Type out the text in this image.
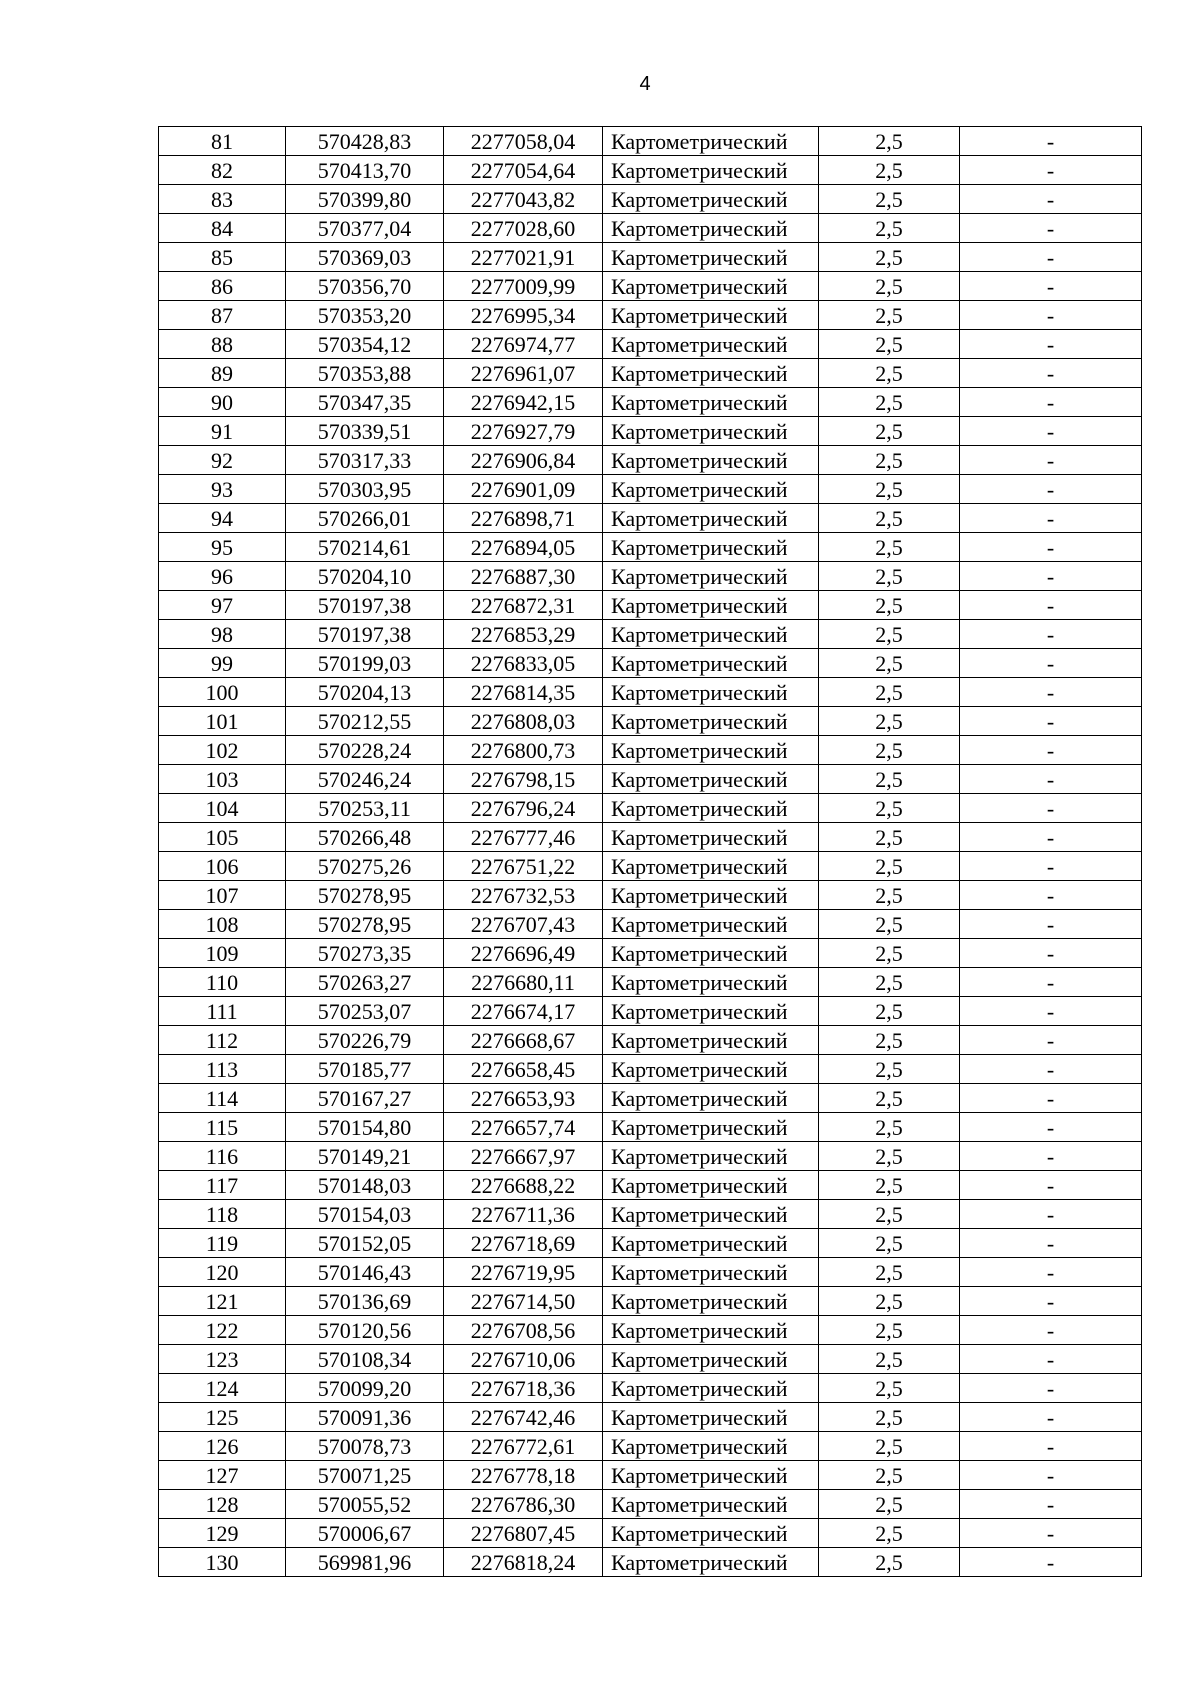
4
81	570428,83	2277058,04	Картометрический	2,5	-
82	570413,70	2277054,64	Картометрический	2,5	-
83	570399,80	2277043,82	Картометрический	2,5	-
84	570377,04	2277028,60	Картометрический	2,5	-
85	570369,03	2277021,91	Картометрический	2,5	-
86	570356,70	2277009,99	Картометрический	2,5	-
87	570353,20	2276995,34	Картометрический	2,5	-
88	570354,12	2276974,77	Картометрический	2,5	-
89	570353,88	2276961,07	Картометрический	2,5	-
90	570347,35	2276942,15	Картометрический	2,5	-
91	570339,51	2276927,79	Картометрический	2,5	-
92	570317,33	2276906,84	Картометрический	2,5	-
93	570303,95	2276901,09	Картометрический	2,5	-
94	570266,01	2276898,71	Картометрический	2,5	-
95	570214,61	2276894,05	Картометрический	2,5	-
96	570204,10	2276887,30	Картометрический	2,5	-
97	570197,38	2276872,31	Картометрический	2,5	-
98	570197,38	2276853,29	Картометрический	2,5	-
99	570199,03	2276833,05	Картометрический	2,5	-
100	570204,13	2276814,35	Картометрический	2,5	-
101	570212,55	2276808,03	Картометрический	2,5	-
102	570228,24	2276800,73	Картометрический	2,5	-
103	570246,24	2276798,15	Картометрический	2,5	-
104	570253,11	2276796,24	Картометрический	2,5	-
105	570266,48	2276777,46	Картометрический	2,5	-
106	570275,26	2276751,22	Картометрический	2,5	-
107	570278,95	2276732,53	Картометрический	2,5	-
108	570278,95	2276707,43	Картометрический	2,5	-
109	570273,35	2276696,49	Картометрический	2,5	-
110	570263,27	2276680,11	Картометрический	2,5	-
111	570253,07	2276674,17	Картометрический	2,5	-
112	570226,79	2276668,67	Картометрический	2,5	-
113	570185,77	2276658,45	Картометрический	2,5	-
114	570167,27	2276653,93	Картометрический	2,5	-
115	570154,80	2276657,74	Картометрический	2,5	-
116	570149,21	2276667,97	Картометрический	2,5	-
117	570148,03	2276688,22	Картометрический	2,5	-
118	570154,03	2276711,36	Картометрический	2,5	-
119	570152,05	2276718,69	Картометрический	2,5	-
120	570146,43	2276719,95	Картометрический	2,5	-
121	570136,69	2276714,50	Картометрический	2,5	-
122	570120,56	2276708,56	Картометрический	2,5	-
123	570108,34	2276710,06	Картометрический	2,5	-
124	570099,20	2276718,36	Картометрический	2,5	-
125	570091,36	2276742,46	Картометрический	2,5	-
126	570078,73	2276772,61	Картометрический	2,5	-
127	570071,25	2276778,18	Картометрический	2,5	-
128	570055,52	2276786,30	Картометрический	2,5	-
129	570006,67	2276807,45	Картометрический	2,5	-
130	569981,96	2276818,24	Картометрический	2,5	-
